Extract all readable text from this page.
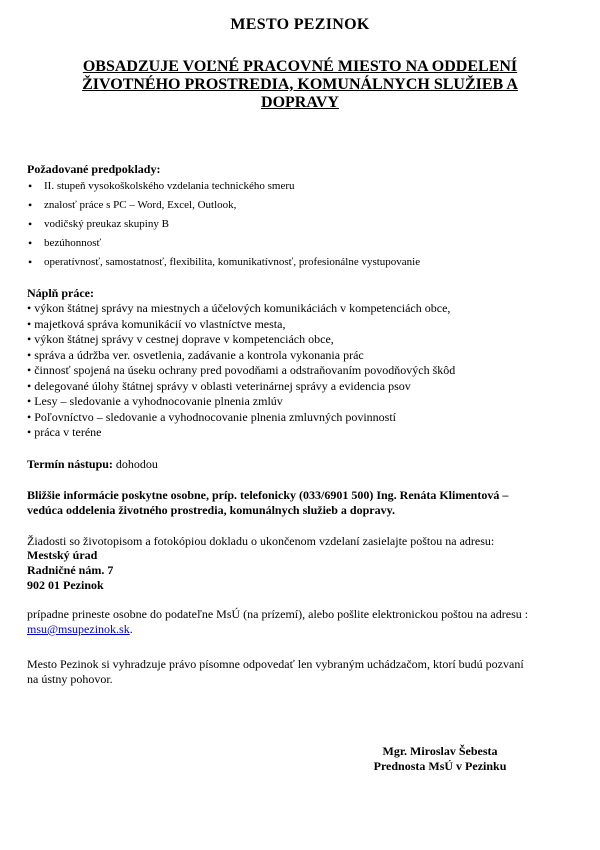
MESTO PEZINOK
OBSADZUJE VOĽNÉ PRACOVNÉ MIESTO NA ODDELENÍ
ŽIVOTNÉHO PROSTREDIA, KOMUNÁLNYCH SLUŽIEB A
DOPRAVY
Požadované predpoklady:
• II. stupeň vysokoškolského vzdelania technického smeru
• znalosť práce s PC – Word, Excel, Outlook,
• vodičský preukaz skupiny B
• bezúhonnosť
• operatívnosť, samostatnosť, flexibilita, komunikatívnosť, profesionálne vystupovanie
Náplň práce:
• výkon štátnej správy na miestnych a účelových komunikáciách v kompetenciách obce,
• majetková správa komunikácií vo vlastníctve mesta,
• výkon štátnej správy v cestnej doprave v kompetenciách obce,
• správa a údržba ver. osvetlenia, zadávanie a kontrola vykonania prác
• činnosť spojená na úseku ochrany pred povodňami a odstraňovaním povodňových škôd
• delegované úlohy štátnej správy v oblasti veterinárnej správy a evidencia psov
• Lesy – sledovanie a vyhodnocovanie plnenia zmlúv
• Poľovníctvo – sledovanie a vyhodnocovanie plnenia zmluvných povinností
• práca v teréne
Termín nástupu: dohodou
Bližšie informácie poskytne osobne, príp. telefonicky (033/6901 500) Ing. Renáta Klimentová –
vedúca oddelenia životného prostredia, komunálnych služieb a dopravy.
Žiadosti so životopisom a fotokópiou dokladu o ukončenom vzdelaní zasielajte poštou na adresu:
Mestský úrad
Radničné nám. 7
902 01 Pezinok
prípadne prineste osobne do podateľne MsÚ (na prízemí), alebo pošlite elektronickou poštou na adresu :
msu@msupezinok.sk.
Mesto Pezinok si vyhradzuje právo písomne odpovedať len vybraným uchádzačom, ktorí budú pozvaní
na ústny pohovor.
Mgr. Miroslav Šebesta
Prednosta MsÚ v Pezinku
